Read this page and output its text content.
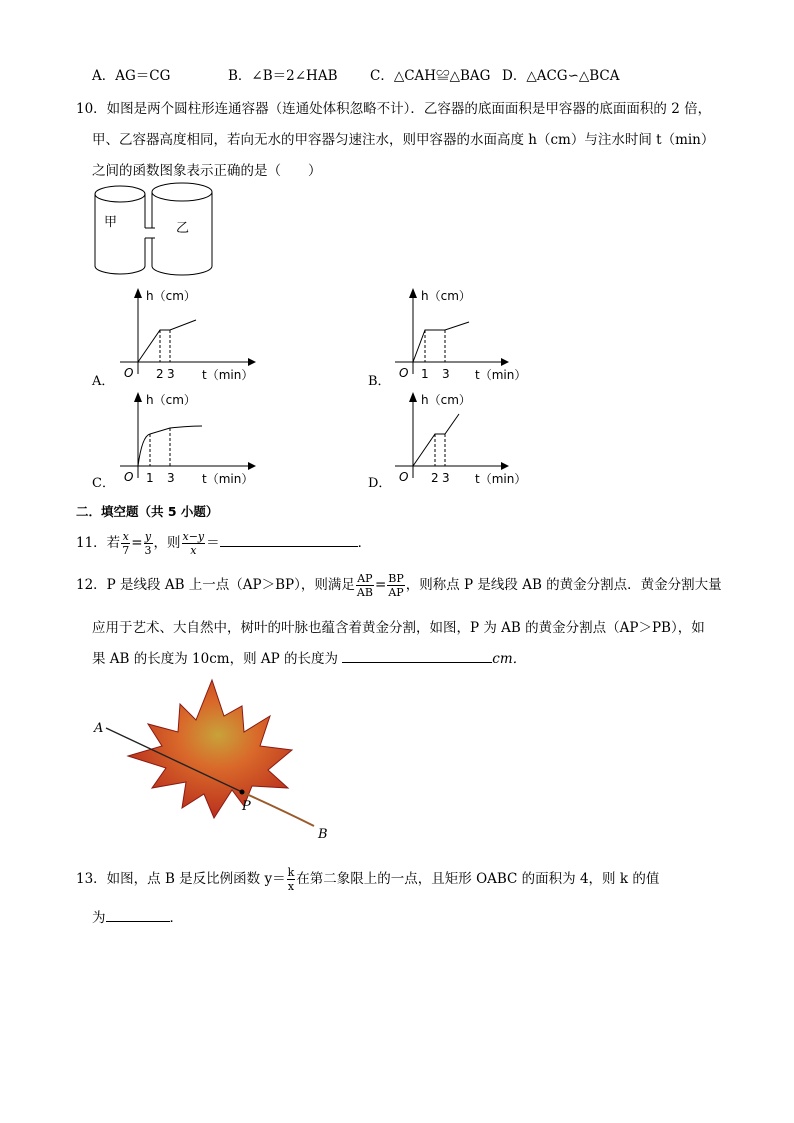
A．AG＝CG	B．∠B＝2∠HAB C．△CAH≌△BAG D．△ACG∽△BCA
10．如图是两个圆柱形连通容器（连通处体积忽略不计）．乙容器的底面面积是甲容器的底面面积的 2 倍，
甲、乙容器高度相同，若向无水的甲容器匀速注水，则甲容器的水面高度 h（cm）与注水时间 t（min）
之间的函数图象表示正确的是（　　）
甲	乙
A．
h（cm）
O 2 3 t（min）	B．
h（cm）
O 1 3 t（min）
C．
h（cm）
O 1 3 t（min）	D．
h（cm）
O 2 3 t（min）
二．填空题（共 5 小题）
11．若 $\frac{x}{7} = \frac{y}{3}$ ，则 $\frac{x-y}{x}$ ＝	．
12．P 是线段 AB 上一点（AP＞BP），则满足 $\frac{AP}{AB} = \frac{BP}{AP}$ ，则称点 P 是线段 AB 的黄金分割点．黄金分割大量
应用于艺术、大自然中，树叶的叶脉也蕴含着黄金分割，如图，P 为 AB 的黄金分割点（AP＞PB），如
果 AB 的长度为 10cm，则 AP 的长度为	cm．
A
P
B
13．如图，点 B 是反比例函数 $y= \frac{k}{x}$ 在第二象限上的一点，且矩形 OABC 的面积为 4，则 k 的值
为	．
